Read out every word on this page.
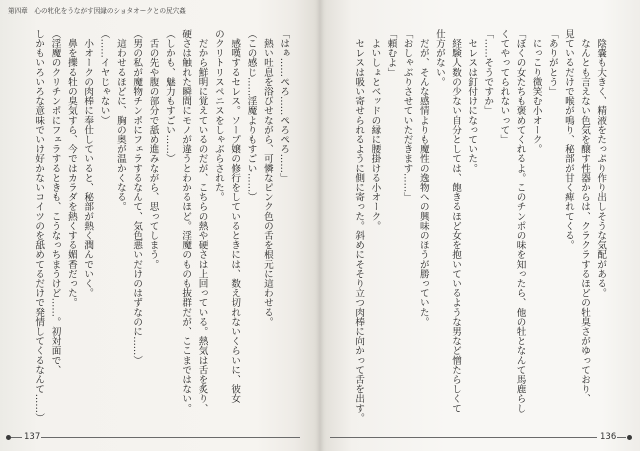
第四章　心の牝化をうながす因縁のショタオークとの尻穴姦
「はぁ……ぺろ……ぺろぺろ……」
　熱い吐息を浴びせながら、可憐なピンク色の舌を根元に這わせる。
（この感じ……淫魔よりもすごい……）
　感嘆するセレス。ソープ嬢の修行をしているときには、数え切れないくらいに、彼女
のクリトリスペニスをしゃぶらされた。
　だから鮮明に覚えているのだが、こちらの熱や硬さは上回っている。熱気は舌を炙り、
硬さは触れた瞬間にモノが違うとわかるほど。淫魔のものも抜群だが、ここまではない。
（しかも、魅力もすごい……）
　舌の先や腹の部分で舐め進みながら、思ってしまう。
（男の私が魔物チンポにフェラするなんて、気色悪いだけのはずなのに……）
　這わせるほどに、胸の奥が温かくなる。
（……イヤじゃない）
　小オークの肉棒に奉仕していると、秘部が熱く潤んでいく。
　鼻を擽る牡の臭気すら、今ではカラダを熱くする媚香だった。
（淫魔のクリチンポにフェラするときも、こうなっちまうけど……。初対面で、
しかもいろいろな意味でいけ好かないコイツのを舐めてるだけで発情してくるなんて……）
137
　陰嚢も大きく、精液をたっぷり作り出しそうな気配がある。
　なんとも言えない色気を醸す性器からは、クラクラするほどの牡臭さがゆっており、
見ているだけで喉が鳴り、秘部が甘く痺れてくる。
「ありがとう」
　にっこり微笑む小オーク。
「ぼくの女たちも褒めてくれるよ。このチンポの味を知ったら、他の牡となんて馬鹿らし
くてやってられないって」
「……そうですか」
　セレスは釘付けになっていた。
　経験人数の少ない自分としては、飽きるほど女を抱いているような男など憎たらしくて
仕方がない。
　だが、そんな感情よりも魔性の逸物への興味のほうが勝っていた。
「おしゃぶりさせていただきます……」
「頼むよ」
　よいしょとベッドの縁に腰掛ける小オーク。
　セレスは吸い寄せられるように側に寄った。斜めにそそり立つ肉棒に向かって舌を出す。
136
